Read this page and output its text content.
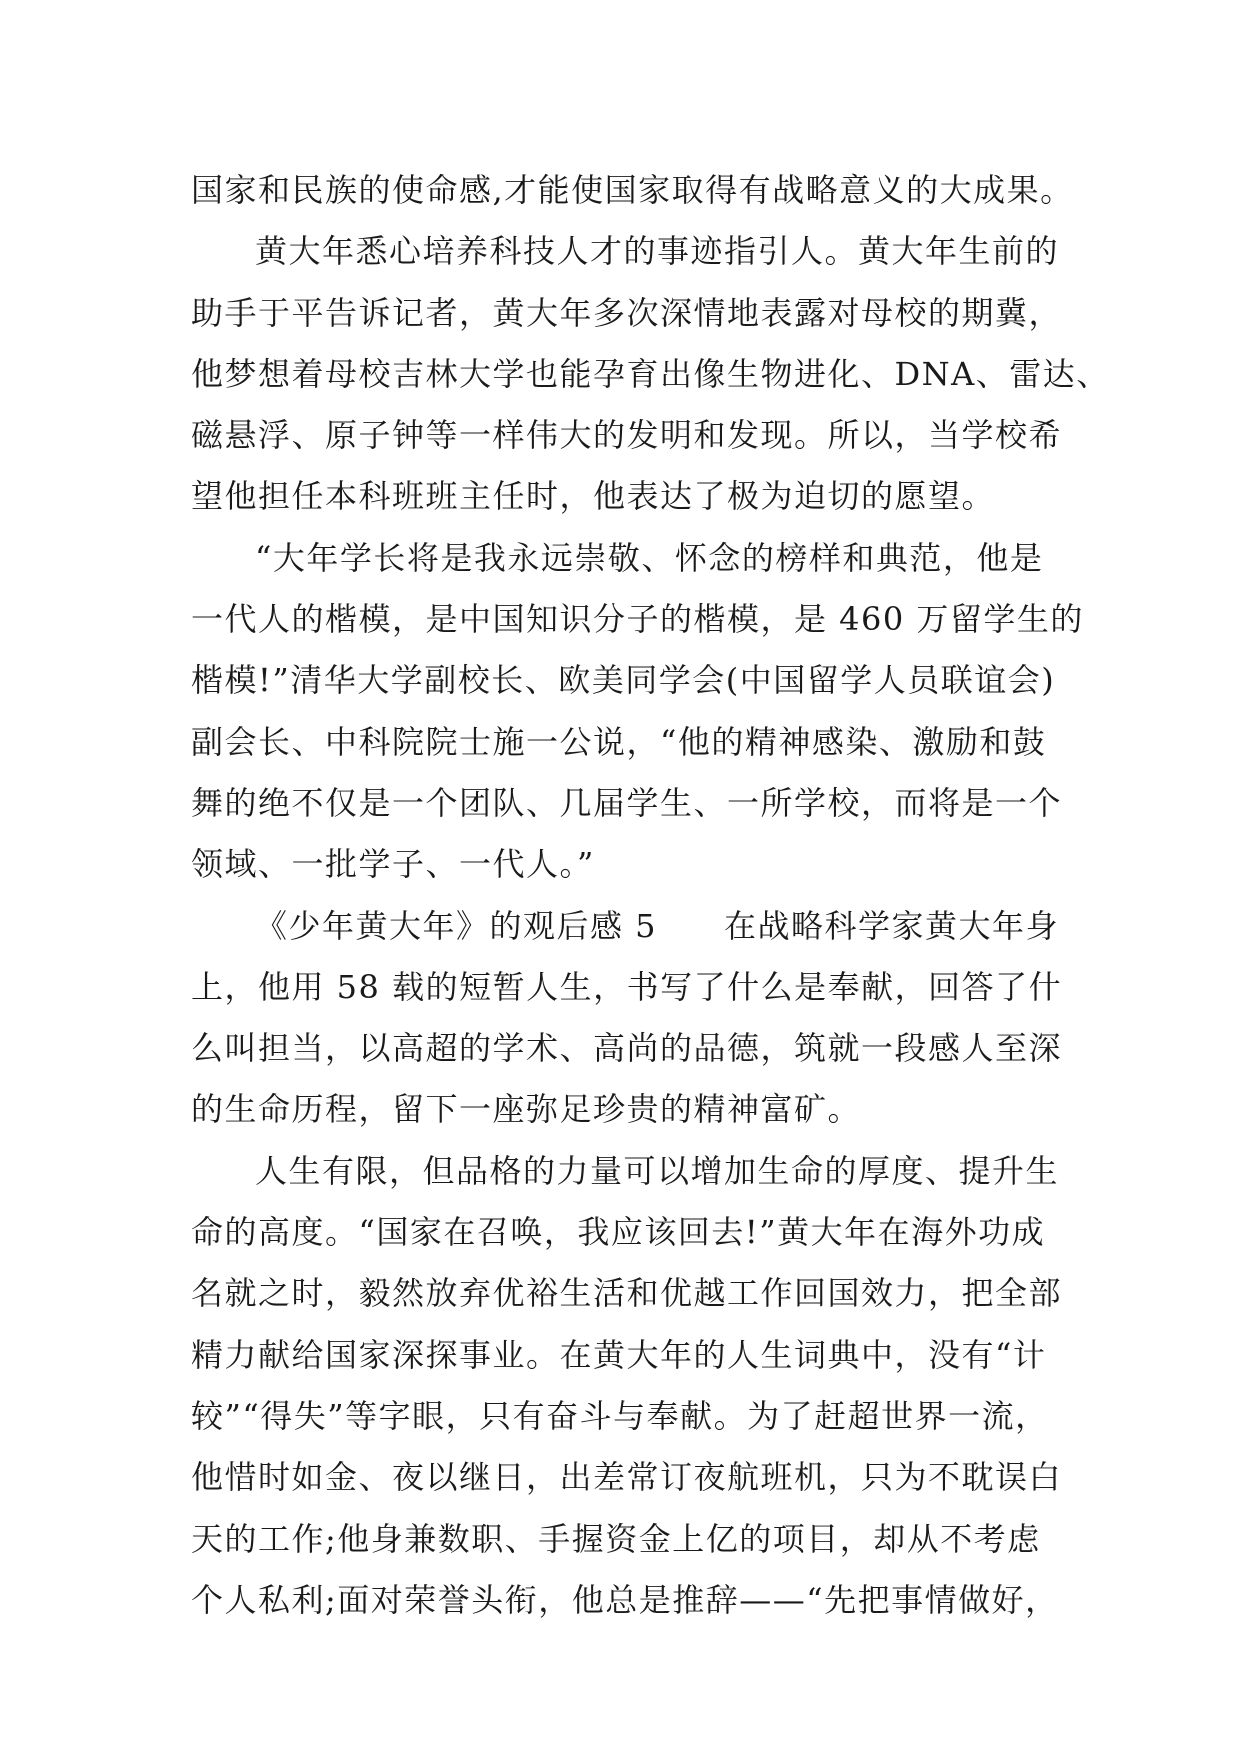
国家和民族的使命感,才能使国家取得有战略意义的大成果。
黄大年悉心培养科技人才的事迹指引人。黄大年生前的
助手于平告诉记者，黄大年多次深情地表露对母校的期冀，
他梦想着母校吉林大学也能孕育出像生物进化、DNA、雷达、
磁悬浮、原子钟等一样伟大的发明和发现。所以，当学校希
望他担任本科班班主任时，他表达了极为迫切的愿望。
“大年学长将是我永远崇敬、怀念的榜样和典范，他是
一代人的楷模，是中国知识分子的楷模，是 460 万留学生的
楷模!”清华大学副校长、欧美同学会(中国留学人员联谊会)
副会长、中科院院士施一公说，“他的精神感染、激励和鼓
舞的绝不仅是一个团队、几届学生、一所学校，而将是一个
领域、一批学子、一代人。”
《少年黄大年》的观后感 5　　在战略科学家黄大年身
上，他用 58 载的短暂人生，书写了什么是奉献，回答了什
么叫担当，以高超的学术、高尚的品德，筑就一段感人至深
的生命历程，留下一座弥足珍贵的精神富矿。
人生有限，但品格的力量可以增加生命的厚度、提升生
命的高度。“国家在召唤，我应该回去!”黄大年在海外功成
名就之时，毅然放弃优裕生活和优越工作回国效力，把全部
精力献给国家深探事业。在黄大年的人生词典中，没有“计
较”“得失”等字眼，只有奋斗与奉献。为了赶超世界一流，
他惜时如金、夜以继日，出差常订夜航班机，只为不耽误白
天的工作;他身兼数职、手握资金上亿的项目，却从不考虑
个人私利;面对荣誉头衔，他总是推辞——“先把事情做好，
